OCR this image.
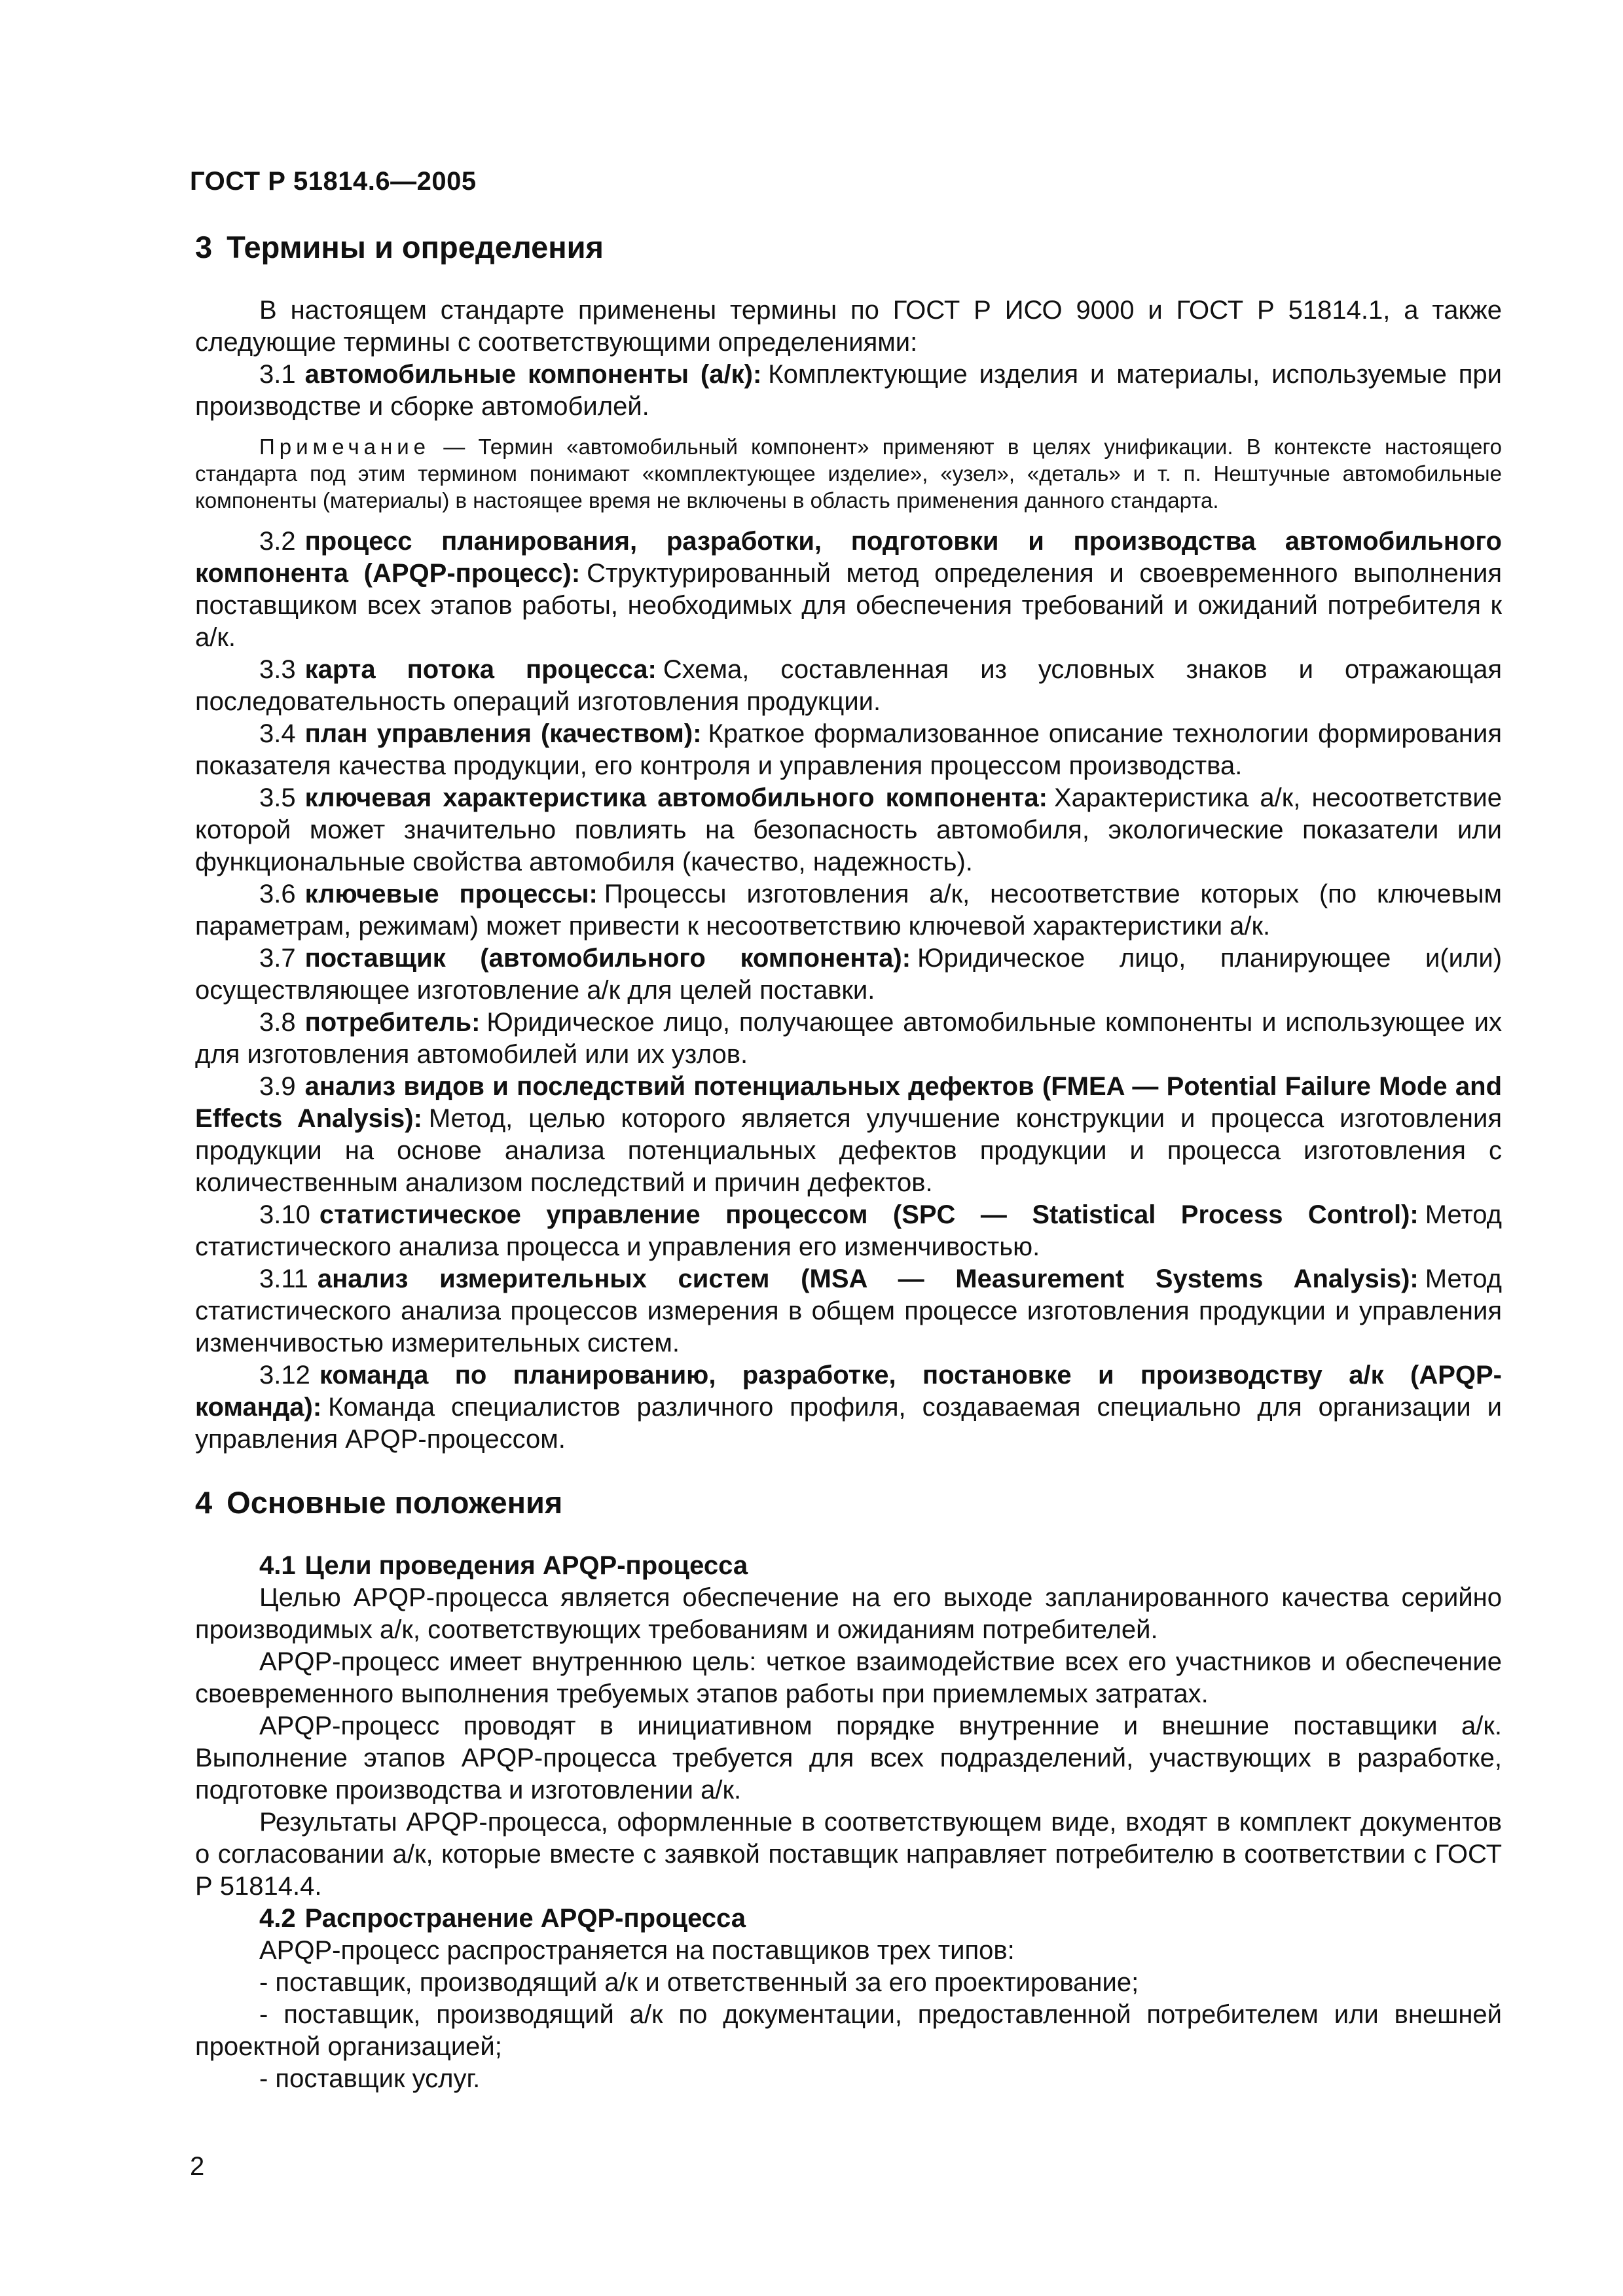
ГОСТ Р 51814.6—2005
3 Термины и определения

В настоящем стандарте применены термины по ГОСТ Р ИСО 9000 и ГОСТ Р 51814.1, а также следующие термины с соответствующими определениями:

3.1 автомобильные компоненты (а/к): Комплектующие изделия и материалы, используемые при производстве и сборке автомобилей.

Примечание — Термин «автомобильный компонент» применяют в целях унификации. В контексте настоящего стандарта под этим термином понимают «комплектующее изделие», «узел», «деталь» и т. п. Нештучные автомобильные компоненты (материалы) в настоящее время не включены в область применения данного стандарта.

3.2 процесс планирования, разработки, подготовки и производства автомобильного компонента (APQP-процесс): Структурированный метод определения и своевременного выполнения поставщиком всех этапов работы, необходимых для обеспечения требований и ожиданий потребителя к а/к.

3.3 карта потока процесса: Схема, составленная из условных знаков и отражающая последовательность операций изготовления продукции.

3.4 план управления (качеством): Краткое формализованное описание технологии формирования показателя качества продукции, его контроля и управления процессом производства.

3.5 ключевая характеристика автомобильного компонента: Характеристика а/к, несоответствие которой может значительно повлиять на безопасность автомобиля, экологические показатели или функциональные свойства автомобиля (качество, надежность).

3.6 ключевые процессы: Процессы изготовления а/к, несоответствие которых (по ключевым параметрам, режимам) может привести к несоответствию ключевой характеристики а/к.

3.7 поставщик (автомобильного компонента): Юридическое лицо, планирующее и(или) осуществляющее изготовление а/к для целей поставки.

3.8 потребитель: Юридическое лицо, получающее автомобильные компоненты и использующее их для изготовления автомобилей или их узлов.

3.9 анализ видов и последствий потенциальных дефектов (FMEA — Potential Failure Mode and Effects Analysis): Метод, целью которого является улучшение конструкции и процесса изготовления продукции на основе анализа потенциальных дефектов продукции и процесса изготовления с количественным анализом последствий и причин дефектов.

3.10 статистическое управление процессом (SPC — Statistical Process Control): Метод статистического анализа процесса и управления его изменчивостью.

3.11 анализ измерительных систем (MSA — Measurement Systems Analysis): Метод статистического анализа процессов измерения в общем процессе изготовления продукции и управления изменчивостью измерительных систем.

3.12 команда по планированию, разработке, постановке и производству а/к (APQP-команда): Команда специалистов различного профиля, создаваемая специально для организации и управления APQP-процессом.

4 Основные положения
4.1 Цели проведения APQP-процесса

Целью APQP-процесса является обеспечение на его выходе запланированного качества серийно производимых а/к, соответствующих требованиям и ожиданиям потребителей.

APQP-процесс имеет внутреннюю цель: четкое взаимодействие всех его участников и обеспечение своевременного выполнения требуемых этапов работы при приемлемых затратах.

APQP-процесс проводят в инициативном порядке внутренние и внешние поставщики а/к. Выполнение этапов APQP-процесса требуется для всех подразделений, участвующих в разработке, подготовке производства и изготовлении а/к.

Результаты APQP-процесса, оформленные в соответствующем виде, входят в комплект документов о согласовании а/к, которые вместе с заявкой поставщик направляет потребителю в соответствии с ГОСТ Р 51814.4.

4.2 Распространение APQP-процесса

APQP-процесс распространяется на поставщиков трех типов:

- поставщик, производящий а/к и ответственный за его проектирование;

- поставщик, производящий а/к по документации, предоставленной потребителем или внешней проектной организацией;

- поставщик услуг.

2
